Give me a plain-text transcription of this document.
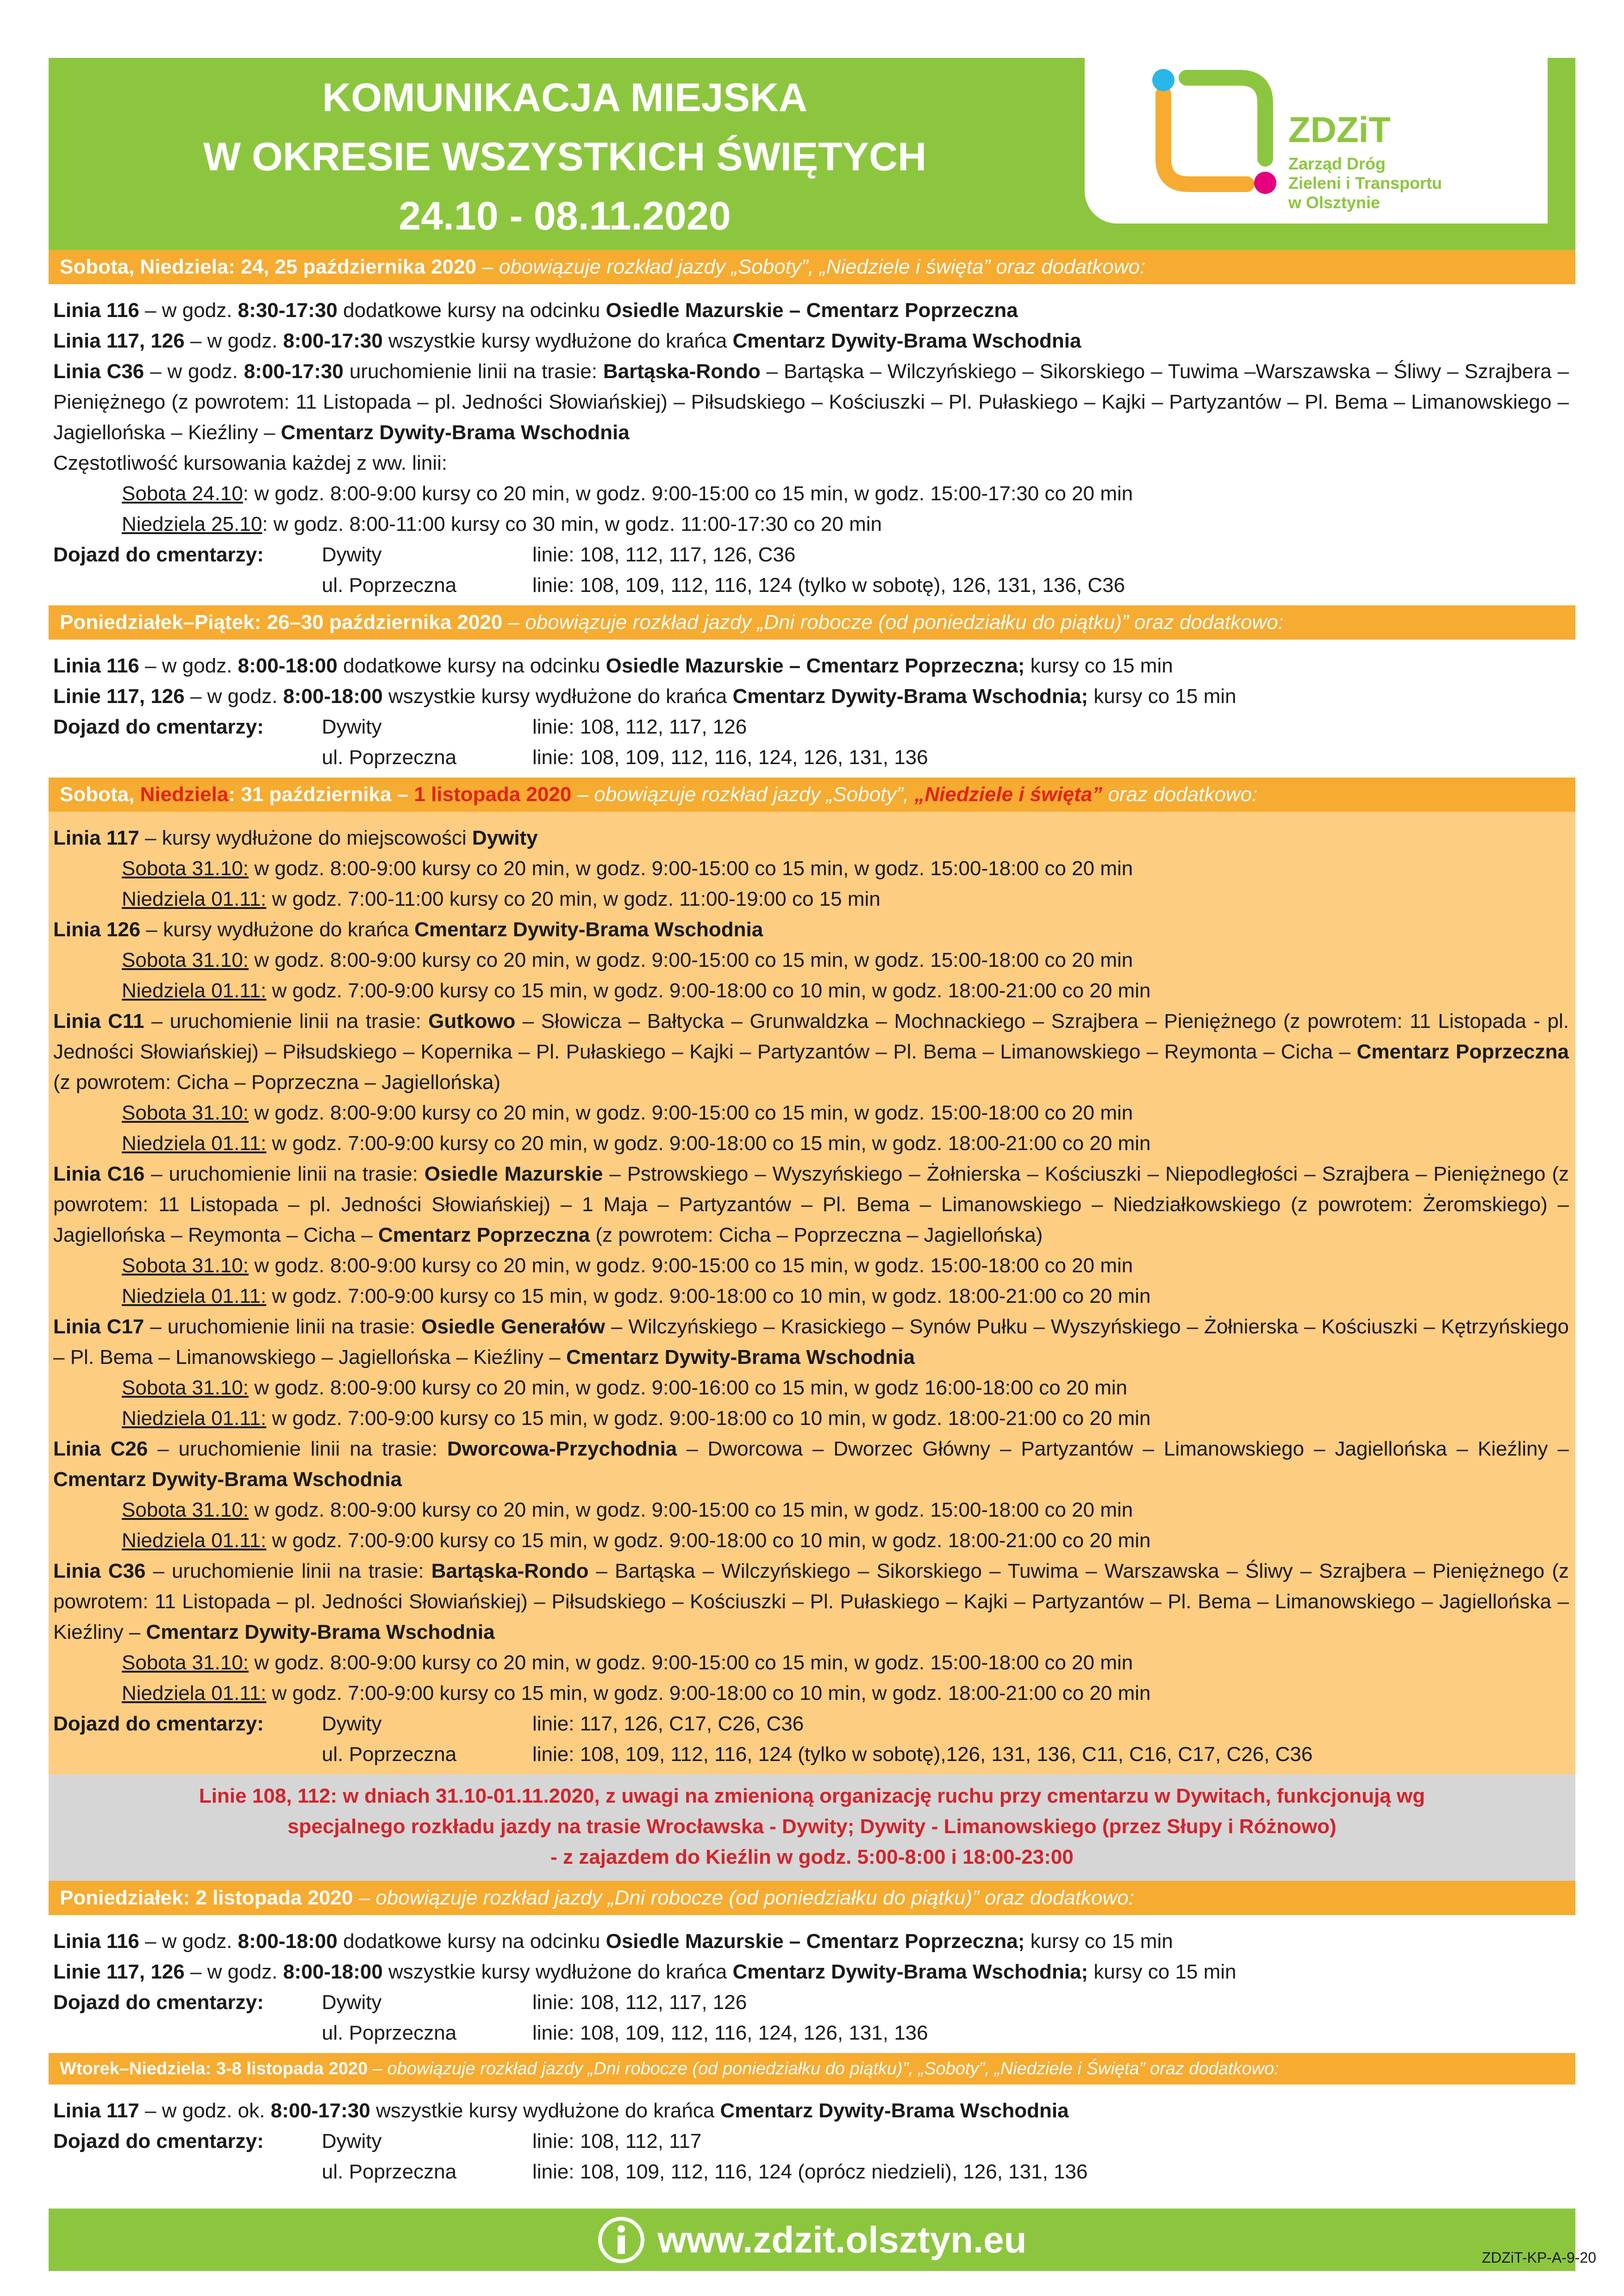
KOMUNIKACJA MIEJSKA
W OKRESIE WSZYSTKICH ŚWIĘTYCH
24.10 - 08.11.2020
ZDZiT
Zarząd Dróg
Zieleni i Transportu
w Olsztynie
Sobota, Niedziela: 24, 25 października 2020 – obowiązuje rozkład jazdy „Soboty”, „Niedziele i święta” oraz dodatkowo:

Linia 116 – w godz. 8:30-17:30 dodatkowe kursy na odcinku Osiedle Mazurskie – Cmentarz Poprzeczna

Linia 117, 126 – w godz. 8:00-17:30 wszystkie kursy wydłużone do krańca Cmentarz Dywity-Brama Wschodnia

Linia C36 – w godz. 8:00-17:30 uruchomienie linii na trasie: Bartąska-Rondo – Bartąska – Wilczyńskiego – Sikorskiego – Tuwima –Warszawska – Śliwy – Szrajbera – Pieniężnego (z powrotem: 11 Listopada – pl. Jedności Słowiańskiej) – Piłsudskiego – Kościuszki – Pl. Pułaskiego – Kajki – Partyzantów – Pl. Bema – Limanowskiego – Jagiellońska – Kieźliny – Cmentarz Dywity-Brama Wschodnia

Częstotliwość kursowania każdej z ww. linii:

Sobota 24.10: w godz. 8:00-9:00 kursy co 20 min, w godz. 9:00-15:00 co 15 min, w godz. 15:00-17:30 co 20 min

Niedziela 25.10: w godz. 8:00-11:00 kursy co 30 min, w godz. 11:00-17:30 co 20 min

Dojazd do cmentarzy:	Dywity	linie: 108, 112, 117, 126, C36
ul. Poprzeczna	linie: 108, 109, 112, 116, 124 (tylko w sobotę), 126, 131, 136, C36
Poniedziałek–Piątek: 26–30 października 2020 – obowiązuje rozkład jazdy „Dni robocze (od poniedziałku do piątku)” oraz dodatkowo:

Linia 116 – w godz. 8:00-18:00 dodatkowe kursy na odcinku Osiedle Mazurskie – Cmentarz Poprzeczna; kursy co 15 min

Linie 117, 126 – w godz. 8:00-18:00 wszystkie kursy wydłużone do krańca Cmentarz Dywity-Brama Wschodnia; kursy co 15 min

Dojazd do cmentarzy:	Dywity	linie: 108, 112, 117, 126
ul. Poprzeczna	linie: 108, 109, 112, 116, 124, 126, 131, 136
Sobota, Niedziela: 31 października – 1 listopada 2020 – obowiązuje rozkład jazdy „Soboty”, „Niedziele i święta” oraz dodatkowo:

Linia 117 – kursy wydłużone do miejscowości Dywity

Sobota 31.10: w godz. 8:00-9:00 kursy co 20 min, w godz. 9:00-15:00 co 15 min, w godz. 15:00-18:00 co 20 min

Niedziela 01.11: w godz. 7:00-11:00 kursy co 20 min, w godz. 11:00-19:00 co 15 min

Linia 126 – kursy wydłużone do krańca Cmentarz Dywity-Brama Wschodnia

Sobota 31.10: w godz. 8:00-9:00 kursy co 20 min, w godz. 9:00-15:00 co 15 min, w godz. 15:00-18:00 co 20 min

Niedziela 01.11: w godz. 7:00-9:00 kursy co 15 min, w godz. 9:00-18:00 co 10 min, w godz. 18:00-21:00 co 20 min

Linia C11 – uruchomienie linii na trasie: Gutkowo – Słowicza – Bałtycka – Grunwaldzka – Mochnackiego – Szrajbera – Pieniężnego (z powrotem: 11 Listopada - pl. Jedności Słowiańskiej) – Piłsudskiego – Kopernika – Pl. Pułaskiego – Kajki – Partyzantów – Pl. Bema – Limanowskiego – Reymonta – Cicha – Cmentarz Poprzeczna (z powrotem: Cicha – Poprzeczna – Jagiellońska)

Sobota 31.10: w godz. 8:00-9:00 kursy co 20 min, w godz. 9:00-15:00 co 15 min, w godz. 15:00-18:00 co 20 min

Niedziela 01.11: w godz. 7:00-9:00 kursy co 20 min, w godz. 9:00-18:00 co 15 min, w godz. 18:00-21:00 co 20 min

Linia C16 – uruchomienie linii na trasie: Osiedle Mazurskie – Pstrowskiego – Wyszyńskiego – Żołnierska – Kościuszki – Niepodległości – Szrajbera – Pieniężnego (z powrotem: 11 Listopada – pl. Jedności Słowiańskiej) – 1 Maja – Partyzantów – Pl. Bema – Limanowskiego – Niedziałkowskiego (z powrotem: Żeromskiego) – Jagiellońska – Reymonta – Cicha – Cmentarz Poprzeczna (z powrotem: Cicha – Poprzeczna – Jagiellońska)

Sobota 31.10: w godz. 8:00-9:00 kursy co 20 min, w godz. 9:00-15:00 co 15 min, w godz. 15:00-18:00 co 20 min

Niedziela 01.11: w godz. 7:00-9:00 kursy co 15 min, w godz. 9:00-18:00 co 10 min, w godz. 18:00-21:00 co 20 min

Linia C17 – uruchomienie linii na trasie: Osiedle Generałów – Wilczyńskiego – Krasickiego – Synów Pułku – Wyszyńskiego – Żołnierska – Kościuszki – Kętrzyńskiego – Pl. Bema – Limanowskiego – Jagiellońska – Kieźliny – Cmentarz Dywity-Brama Wschodnia

Sobota 31.10: w godz. 8:00-9:00 kursy co 20 min, w godz. 9:00-16:00 co 15 min, w godz 16:00-18:00 co 20 min

Niedziela 01.11: w godz. 7:00-9:00 kursy co 15 min, w godz. 9:00-18:00 co 10 min, w godz. 18:00-21:00 co 20 min

Linia C26 – uruchomienie linii na trasie: Dworcowa-Przychodnia – Dworcowa – Dworzec Główny – Partyzantów – Limanowskiego – Jagiellońska – Kieźliny – Cmentarz Dywity-Brama Wschodnia

Sobota 31.10: w godz. 8:00-9:00 kursy co 20 min, w godz. 9:00-15:00 co 15 min, w godz. 15:00-18:00 co 20 min

Niedziela 01.11: w godz. 7:00-9:00 kursy co 15 min, w godz. 9:00-18:00 co 10 min, w godz. 18:00-21:00 co 20 min

Linia C36 – uruchomienie linii na trasie: Bartąska-Rondo – Bartąska – Wilczyńskiego – Sikorskiego – Tuwima – Warszawska – Śliwy – Szrajbera – Pieniężnego (z powrotem: 11 Listopada – pl. Jedności Słowiańskiej) – Piłsudskiego – Kościuszki – Pl. Pułaskiego – Kajki – Partyzantów – Pl. Bema – Limanowskiego – Jagiellońska – Kieźliny – Cmentarz Dywity-Brama Wschodnia

Sobota 31.10: w godz. 8:00-9:00 kursy co 20 min, w godz. 9:00-15:00 co 15 min, w godz. 15:00-18:00 co 20 min

Niedziela 01.11: w godz. 7:00-9:00 kursy co 15 min, w godz. 9:00-18:00 co 10 min, w godz. 18:00-21:00 co 20 min

Dojazd do cmentarzy:	Dywity	linie: 117, 126, C17, C26, C36
ul. Poprzeczna	linie: 108, 109, 112, 116, 124 (tylko w sobotę),126, 131, 136, C11, C16, C17, C26, C36
Linie 108, 112: w dniach 31.10-01.11.2020, z uwagi na zmienioną organizację ruchu przy cmentarzu w Dywitach, funkcjonują wg
specjalnego rozkładu jazdy na trasie Wrocławska - Dywity; Dywity - Limanowskiego (przez Słupy i Różnowo)
- z zajazdem do Kieźlin w godz. 5:00-8:00 i 18:00-23:00
Poniedziałek: 2 listopada 2020 – obowiązuje rozkład jazdy „Dni robocze (od poniedziałku do piątku)” oraz dodatkowo:

Linia 116 – w godz. 8:00-18:00 dodatkowe kursy na odcinku Osiedle Mazurskie – Cmentarz Poprzeczna; kursy co 15 min

Linie 117, 126 – w godz. 8:00-18:00 wszystkie kursy wydłużone do krańca Cmentarz Dywity-Brama Wschodnia; kursy co 15 min

Dojazd do cmentarzy:	Dywity	linie: 108, 112, 117, 126
ul. Poprzeczna	linie: 108, 109, 112, 116, 124, 126, 131, 136
Wtorek–Niedziela: 3-8 listopada 2020 – obowiązuje rozkład jazdy „Dni robocze (od poniedziałku do piątku)”, „Soboty”, „Niedziele i Święta” oraz dodatkowo:

Linia 117 – w godz. ok. 8:00-17:30 wszystkie kursy wydłużone do krańca Cmentarz Dywity-Brama Wschodnia

Dojazd do cmentarzy:	Dywity	linie: 108, 112, 117
ul. Poprzeczna	linie: 108, 109, 112, 116, 124 (oprócz niedzieli), 126, 131, 136
www.zdzit.olsztyn.eu	ZDZiT-KP-A-9-20
